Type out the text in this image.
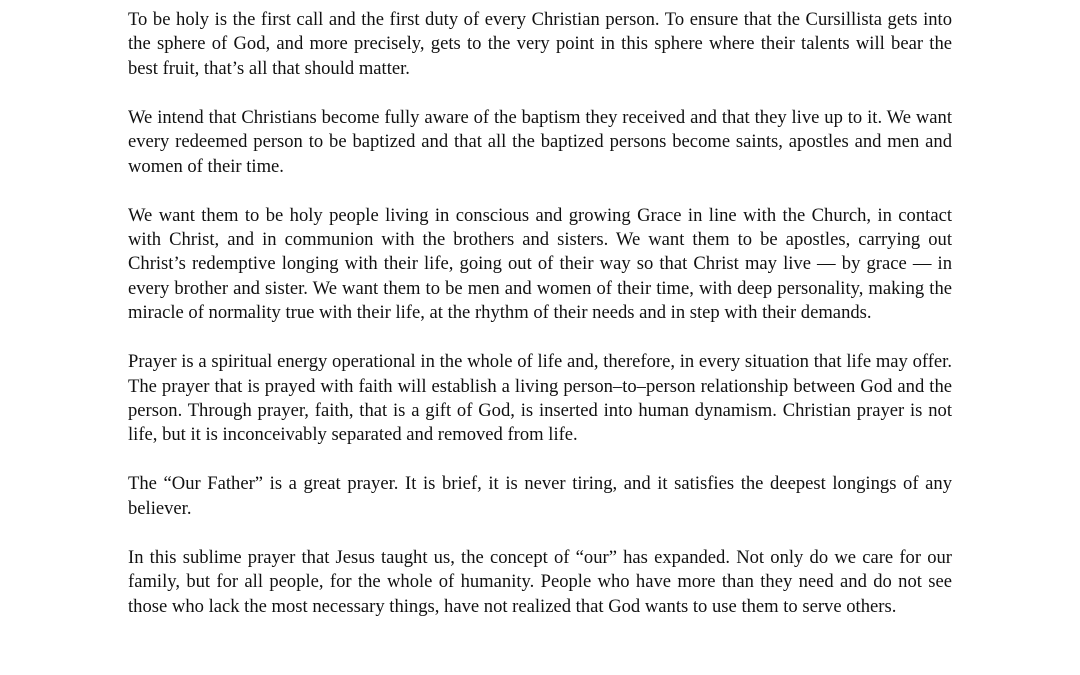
To be holy is the first call and the first duty of every Christian person. To ensure that the Cursillista gets into the sphere of God, and more precisely, gets to the very point in this sphere where their talents will bear the best fruit, that’s all that should matter.

We intend that Christians become fully aware of the baptism they received and that they live up to it. We want every redeemed person to be baptized and that all the baptized persons become saints, apostles and men and women of their time.

We want them to be holy people living in conscious and growing Grace in line with the Church, in contact with Christ, and in communion with the brothers and sisters. We want them to be apostles, carrying out Christ’s redemptive longing with their life, going out of their way so that Christ may live — by grace — in every brother and sister. We want them to be men and women of their time, with deep personality, making the miracle of normality true with their life, at the rhythm of their needs and in step with their demands.

Prayer is a spiritual energy operational in the whole of life and, therefore, in every situation that life may offer. The prayer that is prayed with faith will establish a living person–to–person relationship between God and the person. Through prayer, faith, that is a gift of God, is inserted into human dynamism. Christian prayer is not life, but it is inconceivably separated and removed from life.

The “Our Father” is a great prayer. It is brief, it is never tiring, and it satisfies the deepest longings of any believer.

In this sublime prayer that Jesus taught us, the concept of “our” has expanded. Not only do we care for our family, but for all people, for the whole of humanity. People who have more than they need and do not see those who lack the most necessary things, have not realized that God wants to use them to serve others.
